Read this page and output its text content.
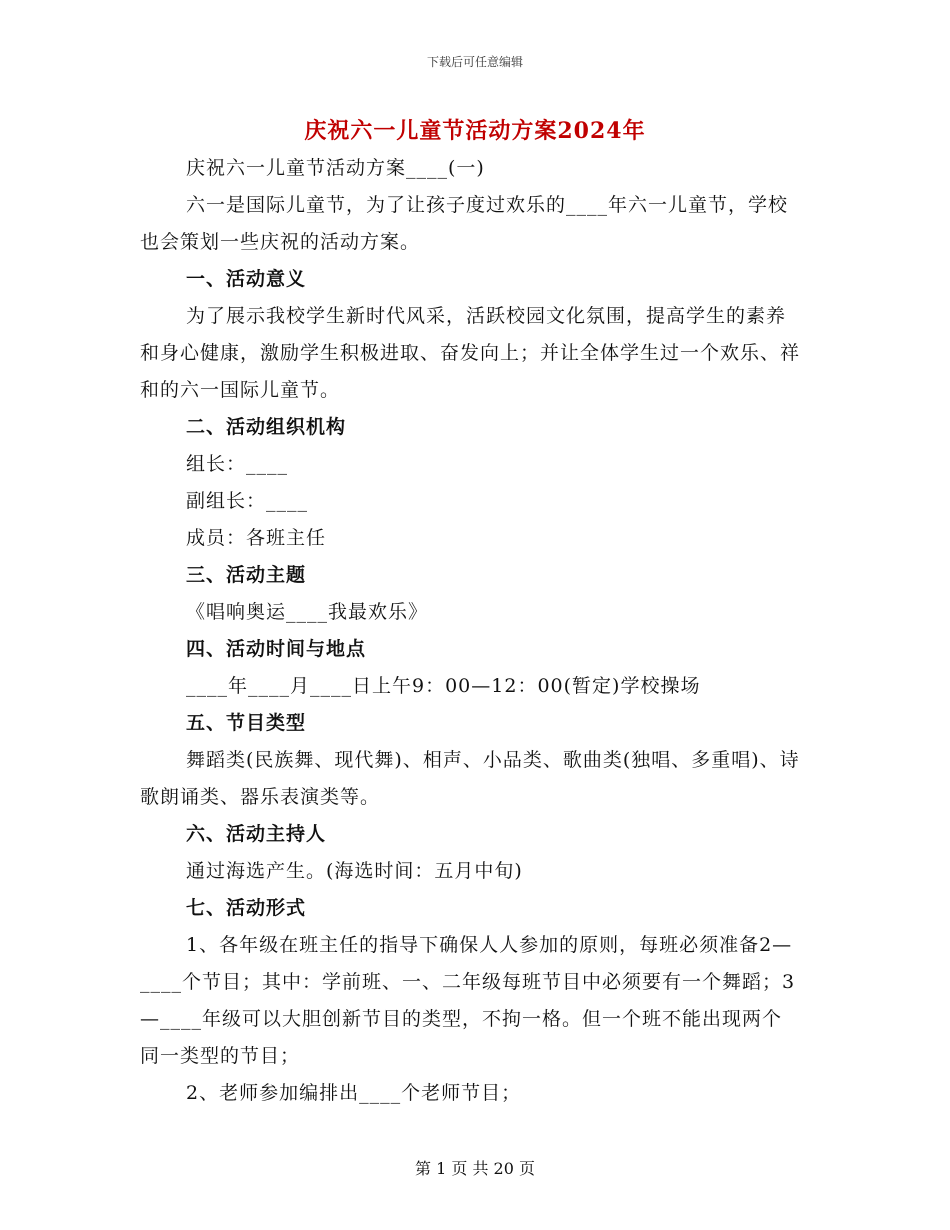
下载后可任意编辑
庆祝六一儿童节活动方案2024年

庆祝六一儿童节活动方案____(一)

六一是国际儿童节，为了让孩子度过欢乐的____年六一儿童节，学校也会策划一些庆祝的活动方案。

一、活动意义

为了展示我校学生新时代风采，活跃校园文化氛围，提高学生的素养和身心健康，激励学生积极进取、奋发向上；并让全体学生过一个欢乐、祥和的六一国际儿童节。

二、活动组织机构

组长：____

副组长：____

成员：各班主任

三、活动主题

《唱响奥运____我最欢乐》

四、活动时间与地点

____年____月____日上午9：00—12：00(暂定)学校操场

五、节目类型

舞蹈类(民族舞、现代舞)、相声、小品类、歌曲类(独唱、多重唱)、诗歌朗诵类、器乐表演类等。

六、活动主持人

通过海选产生。(海选时间：五月中旬)

七、活动形式

1、各年级在班主任的指导下确保人人参加的原则，每班必须准备2—____个节目；其中：学前班、一、二年级每班节目中必须要有一个舞蹈；3—____年级可以大胆创新节目的类型，不拘一格。但一个班不能出现两个同一类型的节目；

2、老师参加编排出____个老师节目；

第 1 页 共 20 页
